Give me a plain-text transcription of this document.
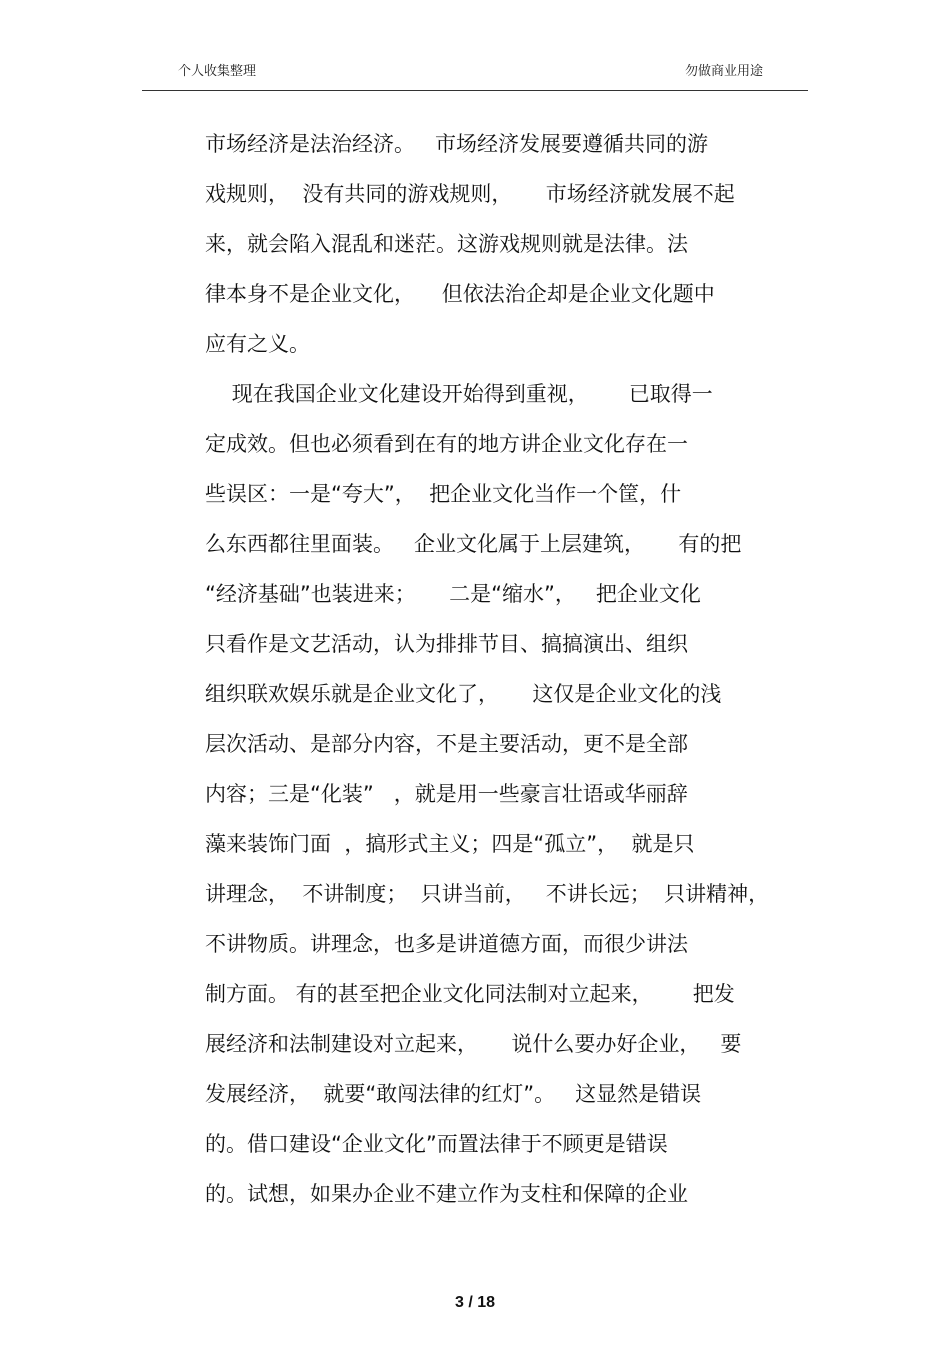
个人收集整理	勿做商业用途
市场经济是法治经济。   市场经济发展要遵循共同的游
戏规则，  没有共同的游戏规则，     市场经济就发展不起
来，就会陷入混乱和迷茫。这游戏规则就是法律。法
律本身不是企业文化，    但依法治企却是企业文化题中
应有之义。
现在我国企业文化建设开始得到重视，      已取得一
定成效。但也必须看到在有的地方讲企业文化存在一
些误区：一是“夸大”，  把企业文化当作一个筐，什
么东西都往里面装。   企业文化属于上层建筑，     有的把
“经济基础”也装进来；     二是“缩水”，   把企业文化
只看作是文艺活动，认为排排节目、搞搞演出、组织
组织联欢娱乐就是企业文化了，     这仅是企业文化的浅
层次活动、是部分内容，不是主要活动，更不是全部
内容；三是“化装”   ，就是用一些豪言壮语或华丽辞
藻来装饰门面  ，搞形式主义；四是“孤立”，  就是只
讲理念，  不讲制度；  只讲当前，   不讲长远；  只讲精神，
不讲物质。讲理念，也多是讲道德方面，而很少讲法
制方面。 有的甚至把企业文化同法制对立起来，      把发
展经济和法制建设对立起来，     说什么要办好企业，   要
发展经济，  就要“敢闯法律的红灯”。   这显然是错误
的。借口建设“企业文化”而置法律于不顾更是错误
的。试想，如果办企业不建立作为支柱和保障的企业
3 / 18
